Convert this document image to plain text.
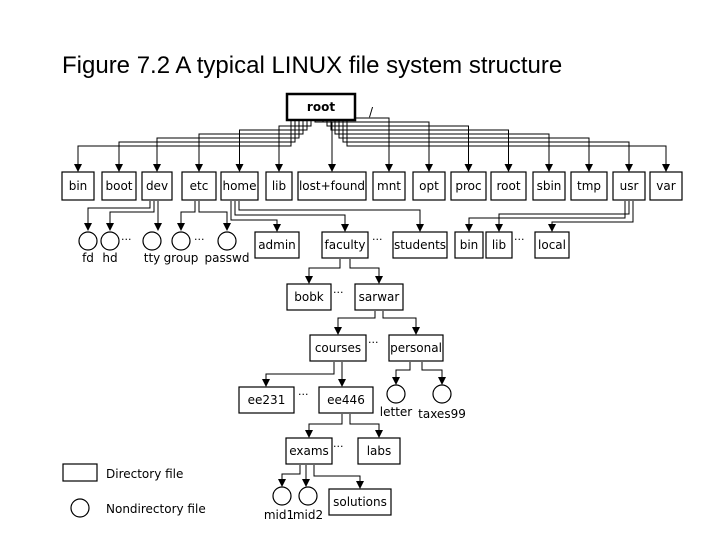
Figure 7.2 A typical LINUX file system structure
root	/
bin boot dev etc home lib lost+found mnt opt proc root sbin tmp usr var
fd hd tty
···
group passwd
···	admin faculty students
···	bin lib	local
···
bobk	sarwar
···
courses personal
···
ee231	ee446
···
letter taxes99
exams	labs
···
mid1
mid2
solutions
Directory file
Nondirectory file
